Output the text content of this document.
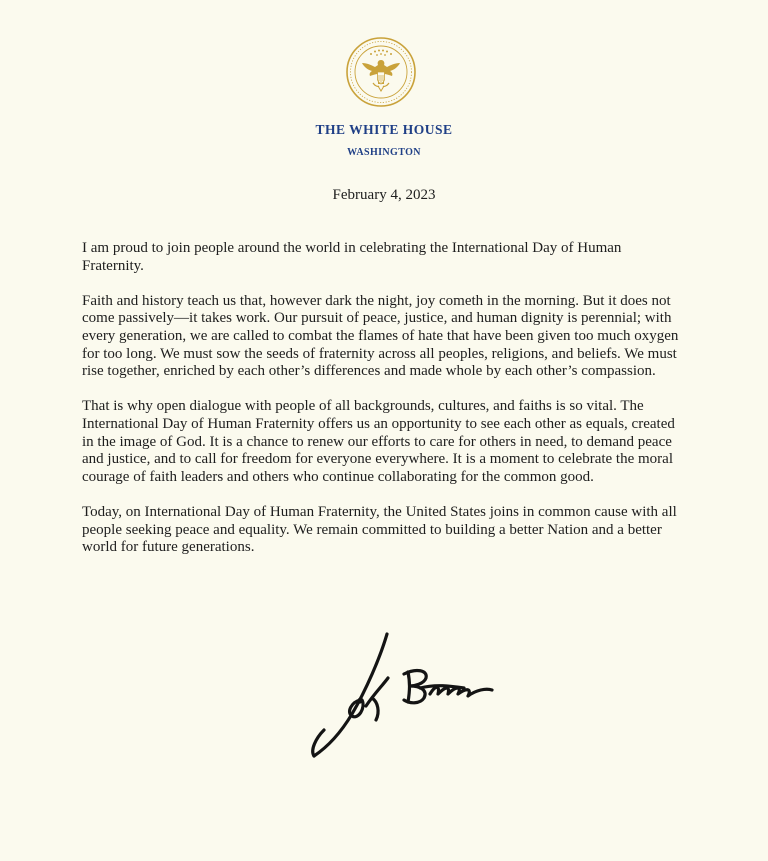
THE WHITE HOUSE
WASHINGTON
February 4, 2023

I am proud to join people around the world in celebrating the International Day of Human Fraternity.

Faith and history teach us that, however dark the night, joy cometh in the morning. But it does not come passively—it takes work. Our pursuit of peace, justice, and human dignity is perennial; with every generation, we are called to combat the flames of hate that have been given too much oxygen for too long. We must sow the seeds of fraternity across all peoples, religions, and beliefs. We must rise together, enriched by each other’s differences and made whole by each other’s compassion.

That is why open dialogue with people of all backgrounds, cultures, and faiths is so vital. The International Day of Human Fraternity offers us an opportunity to see each other as equals, created in the image of God. It is a chance to renew our efforts to care for others in need, to demand peace and justice, and to call for freedom for everyone everywhere. It is a moment to celebrate the moral courage of faith leaders and others who continue collaborating for the common good.

Today, on International Day of Human Fraternity, the United States joins in common cause with all people seeking peace and equality. We remain committed to building a better Nation and a better world for future generations.
